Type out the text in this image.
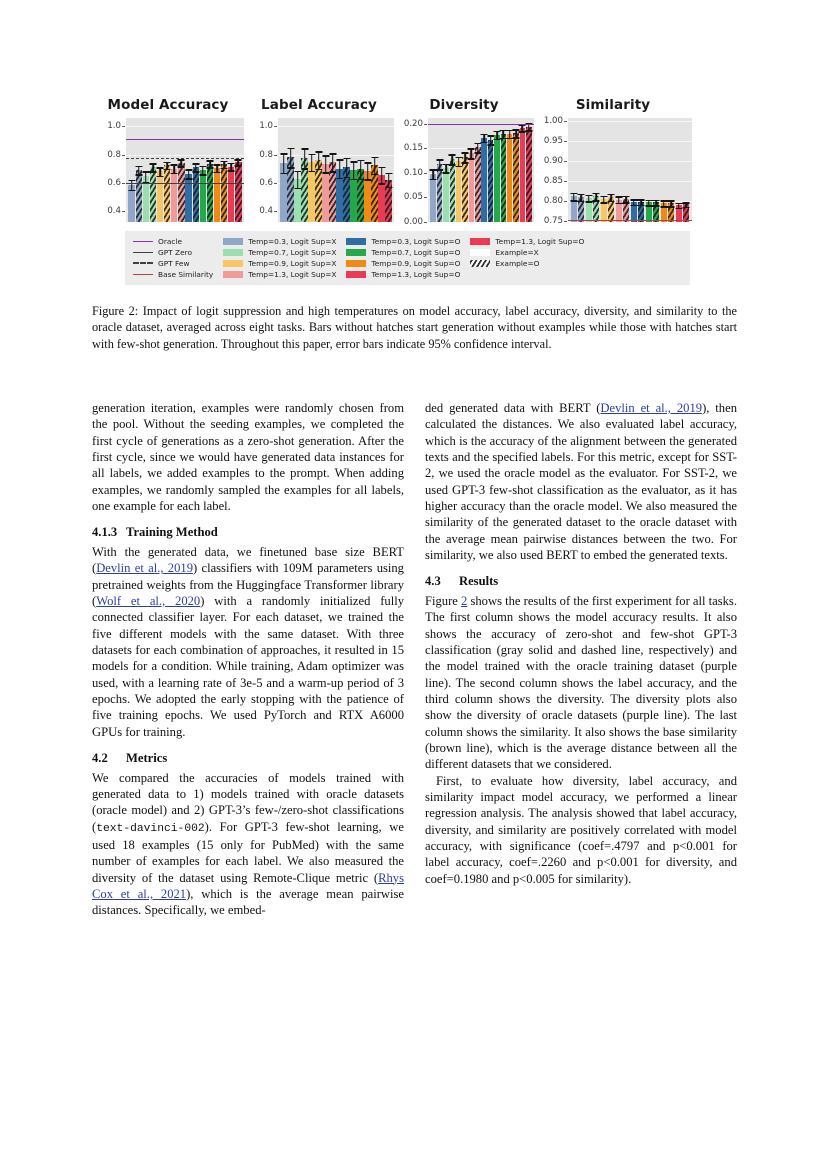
Model Accuracy
1.0
0.8
0.6
0.4
Label Accuracy
1.0
0.8
0.6
0.4
Diversity
0.20
0.15
0.10
0.05
0.00
Similarity
1.00
0.95
0.90
0.85
0.80
0.75
Oracle
GPT Zero
GPT Few
Base Similarity
Temp=0.3, Logit Sup=X
Temp=0.7, Logit Sup=X
Temp=0.9, Logit Sup=X
Temp=1.3, Logit Sup=X
Temp=0.3, Logit Sup=O
Temp=0.7, Logit Sup=O
Temp=0.9, Logit Sup=O
Temp=1.3, Logit Sup=O
Temp=1.3, Logit Sup=O
Example=X
Example=O
Figure 2: Impact of logit suppression and high temperatures on model accuracy, label accuracy, diversity, and similarity to the oracle dataset, averaged across eight tasks. Bars without hatches start generation without examples while those with hatches start with few-shot generation. Throughout this paper, error bars indicate 95% confidence interval.

generation iteration, examples were randomly chosen from the pool. Without the seeding examples, we completed the first cycle of generations as a zero-shot generation. After the first cycle, since we would have generated data instances for all labels, we added examples to the prompt. When adding examples, we randomly sampled the examples for all labels, one example for each label.

4.1.3 Training Method

With the generated data, we finetuned base size BERT (Devlin et al., 2019) classifiers with 109M parameters using pretrained weights from the Huggingface Transformer library (Wolf et al., 2020) with a randomly initialized fully connected classifier layer. For each dataset, we trained the five different models with the same dataset. With three datasets for each combination of approaches, it resulted in 15 models for a condition. While training, Adam optimizer was used, with a learning rate of 3e-5 and a warm-up period of 3 epochs. We adopted the early stopping with the patience of five training epochs. We used PyTorch and RTX A6000 GPUs for training.

4.2 Metrics

We compared the accuracies of models trained with generated data to 1) models trained with oracle datasets (oracle model) and 2) GPT-3’s few-/zero-shot classifications (text-davinci-002). For GPT-3 few-shot learning, we used 18 examples (15 only for PubMed) with the same number of examples for each label. We also measured the diversity of the dataset using Remote-Clique metric (Rhys Cox et al., 2021), which is the average mean pairwise distances. Specifically, we embed-

ded generated data with BERT (Devlin et al., 2019), then calculated the distances. We also evaluated label accuracy, which is the accuracy of the alignment between the generated texts and the specified labels. For this metric, except for SST-2, we used the oracle model as the evaluator. For SST-2, we used GPT-3 few-shot classification as the evaluator, as it has higher accuracy than the oracle model. We also measured the similarity of the generated dataset to the oracle dataset with the average mean pairwise distances between the two. For similarity, we also used BERT to embed the generated texts.

4.3 Results

Figure 2 shows the results of the first experiment for all tasks. The first column shows the model accuracy results. It also shows the accuracy of zero-shot and few-shot GPT-3 classification (gray solid and dashed line, respectively) and the model trained with the oracle training dataset (purple line). The second column shows the label accuracy, and the third column shows the diversity. The diversity plots also show the diversity of oracle datasets (purple line). The last column shows the similarity. It also shows the base similarity (brown line), which is the average distance between all the different datasets that we considered.

First, to evaluate how diversity, label accuracy, and similarity impact model accuracy, we performed a linear regression analysis. The analysis showed that label accuracy, diversity, and similarity are positively correlated with model accuracy, with significance (coef=.4797 and p<0.001 for label accuracy, coef=.2260 and p<0.001 for diversity, and coef=0.1980 and p<0.005 for similarity).
